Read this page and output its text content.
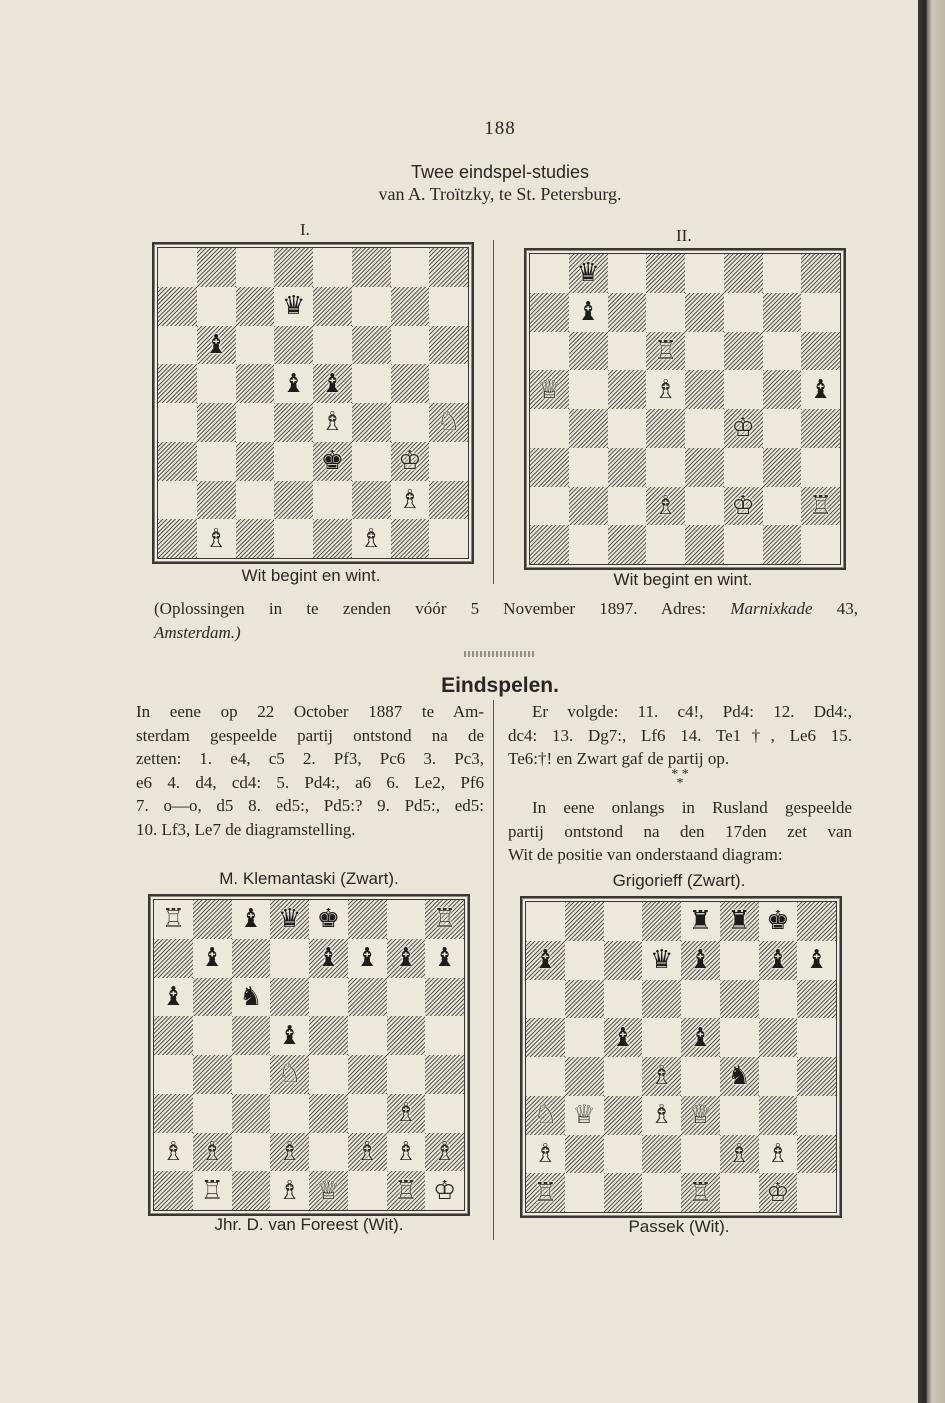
188
Twee eindspel-studies
van A. Troïtzky, te St. Petersburg.
I.	II.
♛
♝
♝ ♝
♗	♘
♚ ♔
♗
♗	♗
Wit begint en wint.
♛
♝
♖
♕	♗	♝
♔
♗ ♔ ♖
Wit begint en wint.
(Oplossingen in te zenden vóór 5 November 1897. Adres: Marnixkade 43,
Amsterdam.)
Eindspelen.
In eene op 22 October 1887 te Am-
sterdam gespeelde partij ontstond na de
zetten: 1. e4, c5 2. Pf3, Pc6 3. Pc3,
e6 4. d4, cd4: 5. Pd4:, a6 6. Le2, Pf6
7. o—o, d5 8. ed5:, Pd5:? 9. Pd5:, ed5:
10. Lf3, Le7 de diagramstelling.
Er volgde: 11. c4!, Pd4: 12. Dd4:,
dc4: 13. Dg7:, Lf6 14. Te1†, Le6 15.
Te6:†! en Zwart gaf de partij op.
* *
*
In eene onlangs in Rusland gespeelde
partij ontstond na den 17den zet van
Wit de positie van onderstaand diagram:
M. Klemantaski (Zwart).
♖ ♝ ♛ ♚	♖
♝	♝ ♝ ♝ ♝
♝ ♞
♝
♘
♗
♗ ♗ ♗ ♗ ♗ ♗
♖ ♗ ♕ ♖ ♔
Jhr. D. van Foreest (Wit).
Grigorieff (Zwart).
♜ ♜ ♚
♝	♛ ♝ ♝ ♝
♝ ♝
♗ ♞
♘ ♕ ♗ ♕
♗	♗ ♗
♖	♖ ♔
Passek (Wit).
